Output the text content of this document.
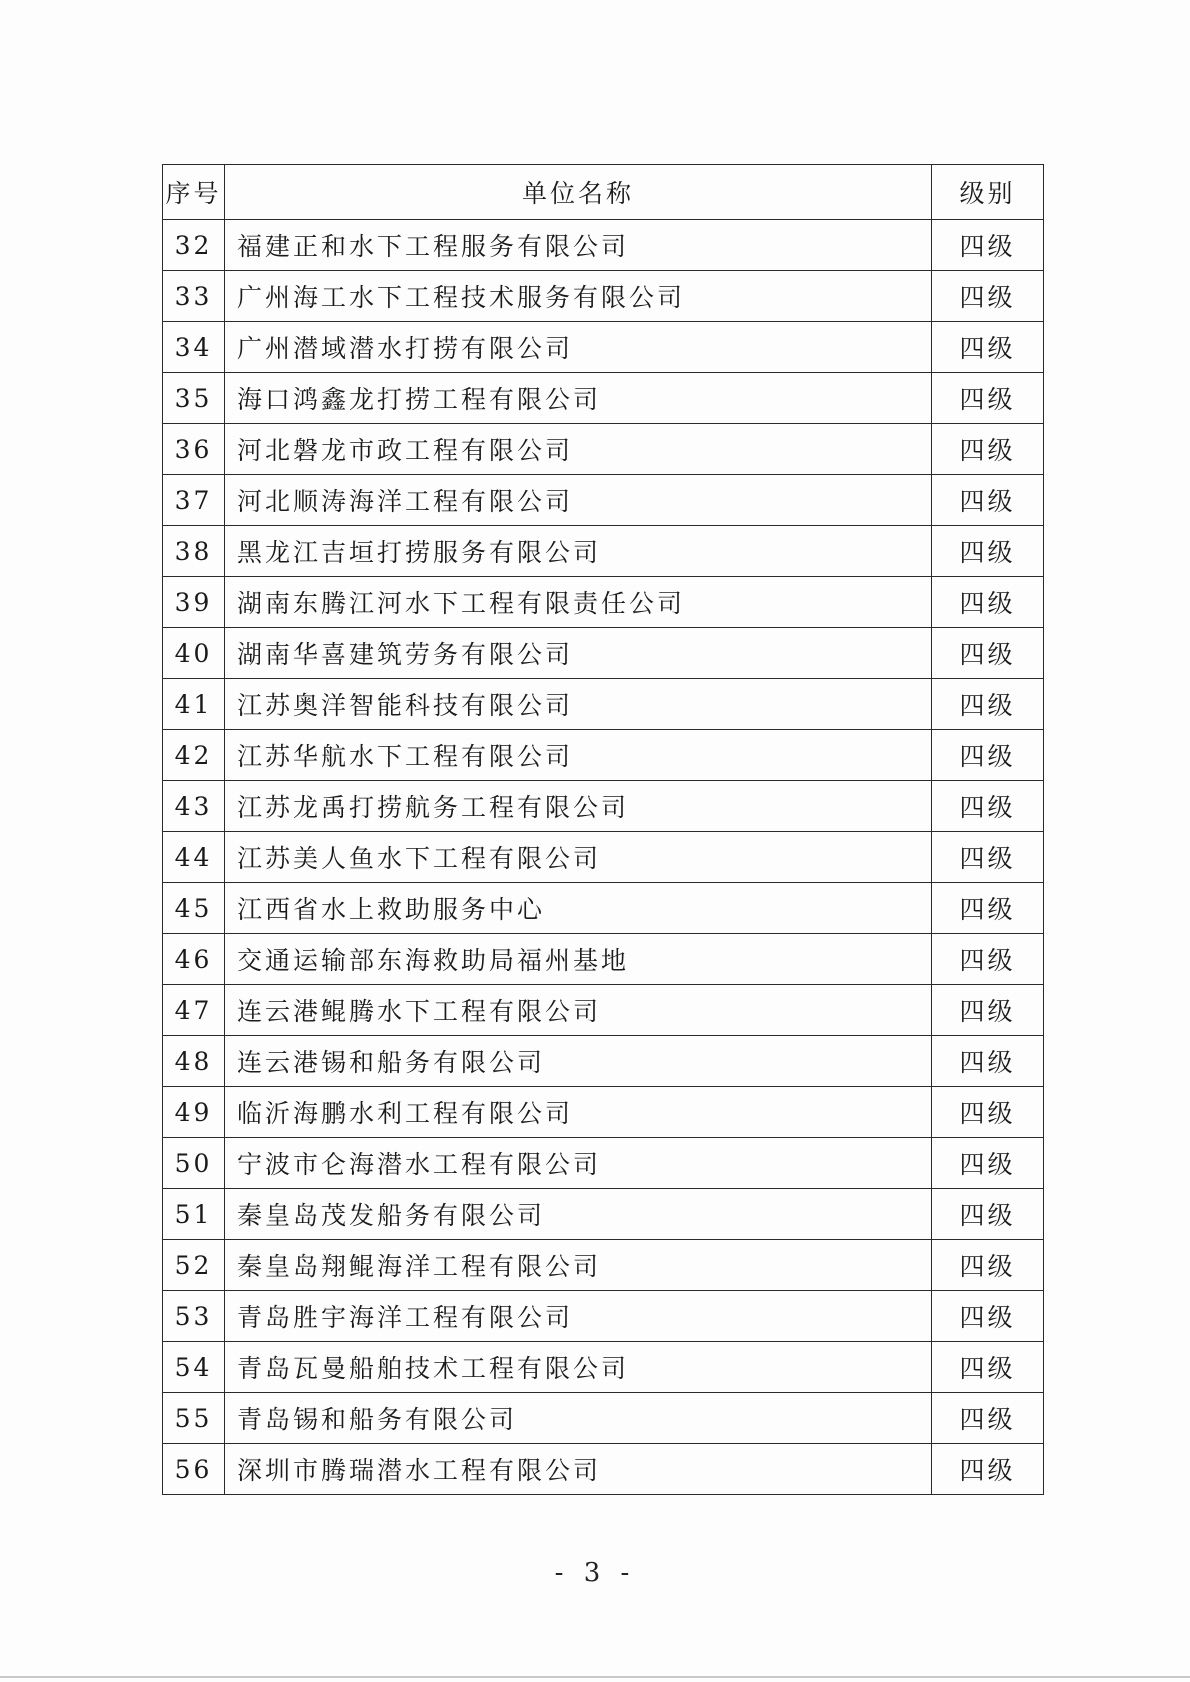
序号	单位名称	级别
32	福建正和水下工程服务有限公司	四级
33	广州海工水下工程技术服务有限公司	四级
34	广州潜域潜水打捞有限公司	四级
35	海口鸿鑫龙打捞工程有限公司	四级
36	河北磐龙市政工程有限公司	四级
37	河北顺涛海洋工程有限公司	四级
38	黑龙江吉垣打捞服务有限公司	四级
39	湖南东腾江河水下工程有限责任公司	四级
40	湖南华喜建筑劳务有限公司	四级
41	江苏奥洋智能科技有限公司	四级
42	江苏华航水下工程有限公司	四级
43	江苏龙禹打捞航务工程有限公司	四级
44	江苏美人鱼水下工程有限公司	四级
45	江西省水上救助服务中心	四级
46	交通运输部东海救助局福州基地	四级
47	连云港鲲腾水下工程有限公司	四级
48	连云港锡和船务有限公司	四级
49	临沂海鹏水利工程有限公司	四级
50	宁波市仑海潜水工程有限公司	四级
51	秦皇岛茂发船务有限公司	四级
52	秦皇岛翔鲲海洋工程有限公司	四级
53	青岛胜宇海洋工程有限公司	四级
54	青岛瓦曼船舶技术工程有限公司	四级
55	青岛锡和船务有限公司	四级
56	深圳市腾瑞潜水工程有限公司	四级
- 3 -
